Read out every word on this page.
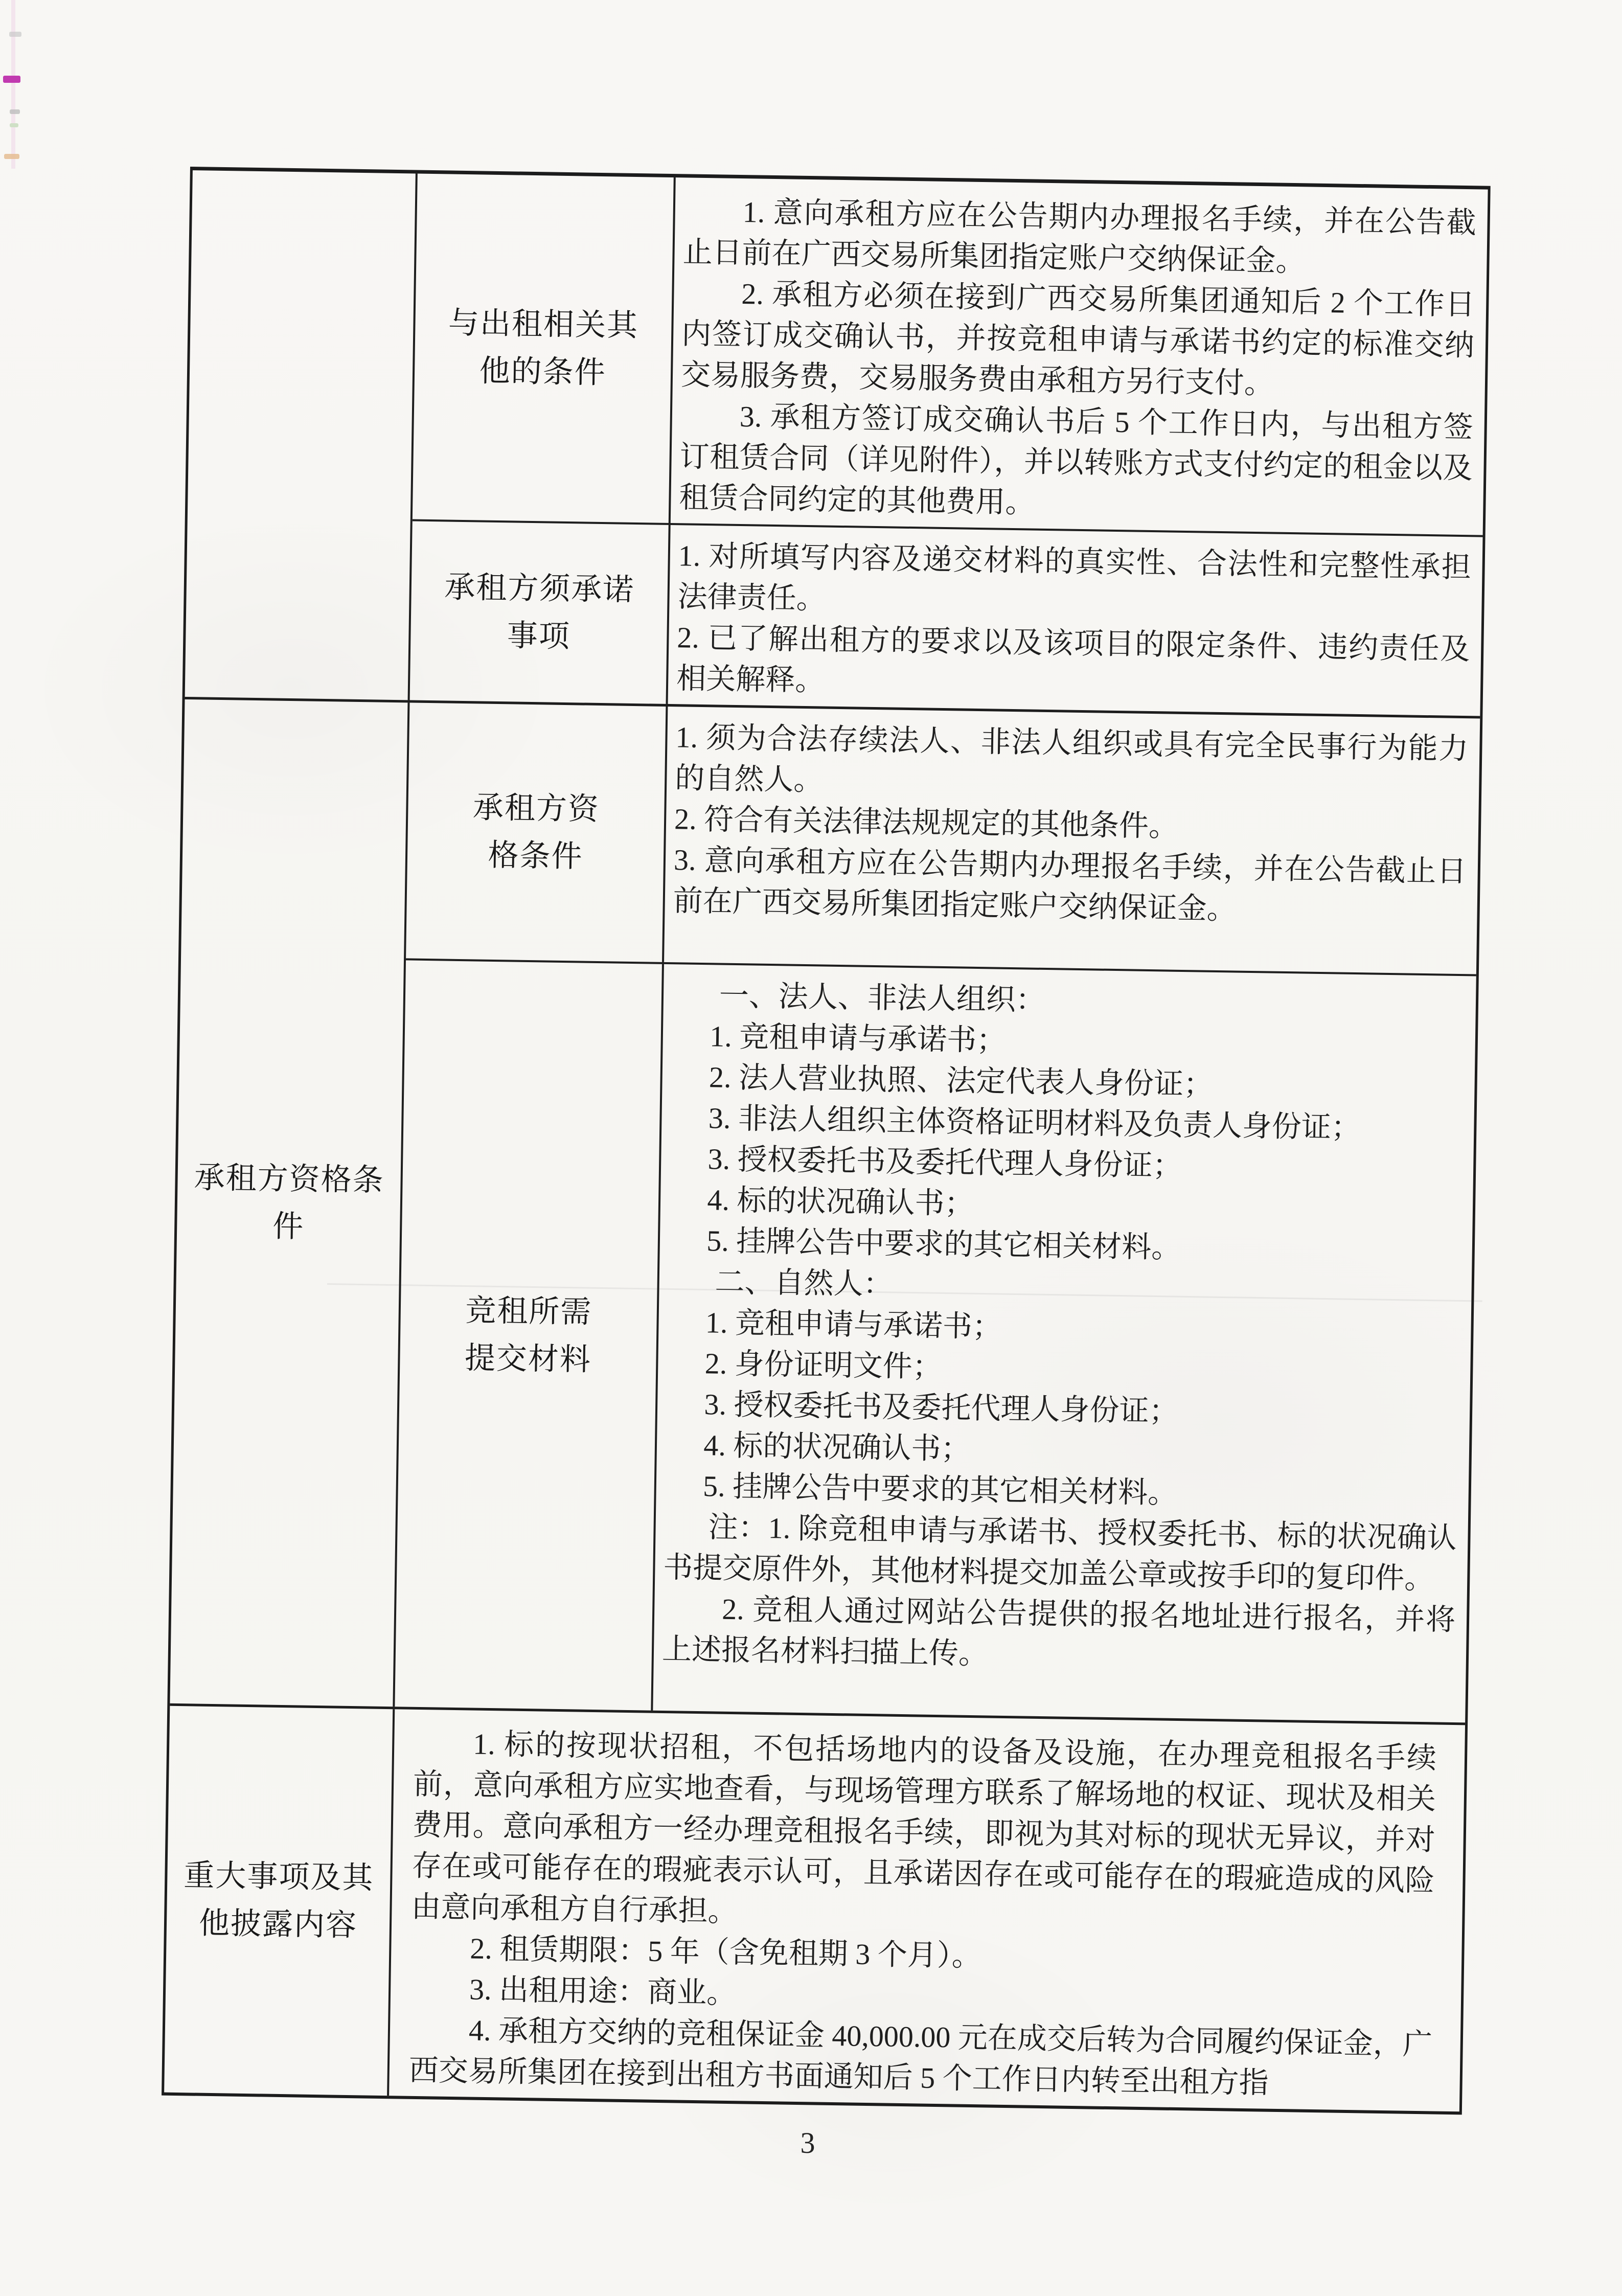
与出租相关其
他的条件

1. 意向承租方应在公告期内办理报名手续，并在公告截止日前在广西交易所集团指定账户交纳保证金。

2. 承租方必须在接到广西交易所集团通知后 2 个工作日内签订成交确认书，并按竞租申请与承诺书约定的标准交纳交易服务费，交易服务费由承租方另行支付。

3. 承租方签订成交确认书后 5 个工作日内，与出租方签订租赁合同（详见附件），并以转账方式支付约定的租金以及租赁合同约定的其他费用。

承租方须承诺
事项

1. 对所填写内容及递交材料的真实性、合法性和完整性承担法律责任。

2. 已了解出租方的要求以及该项目的限定条件、违约责任及相关解释。

承租方资格条
件
承租方资
格条件

1. 须为合法存续法人、非法人组织或具有完全民事行为能力的自然人。

2. 符合有关法律法规规定的其他条件。

3. 意向承租方应在公告期内办理报名手续，并在公告截止日前在广西交易所集团指定账户交纳保证金。

竞租所需
提交材料

一、法人、非法人组织：

1. 竞租申请与承诺书；

2. 法人营业执照、法定代表人身份证；

3. 非法人组织主体资格证明材料及负责人身份证；

3. 授权委托书及委托代理人身份证；

4. 标的状况确认书；

5. 挂牌公告中要求的其它相关材料。

二、自然人：

1. 竞租申请与承诺书；

2. 身份证明文件；

3. 授权委托书及委托代理人身份证；

4. 标的状况确认书；

5. 挂牌公告中要求的其它相关材料。

注：1. 除竞租申请与承诺书、授权委托书、标的状况确认书提交原件外，其他材料提交加盖公章或按手印的复印件。

2. 竞租人通过网站公告提供的报名地址进行报名，并将上述报名材料扫描上传。

重大事项及其
他披露内容

1. 标的按现状招租，不包括场地内的设备及设施，在办理竞租报名手续前，意向承租方应实地查看，与现场管理方联系了解场地的权证、现状及相关费用。意向承租方一经办理竞租报名手续，即视为其对标的现状无异议，并对存在或可能存在的瑕疵表示认可，且承诺因存在或可能存在的瑕疵造成的风险由意向承租方自行承担。

2. 租赁期限：5 年（含免租期 3 个月）。

3. 出租用途：商业。

4. 承租方交纳的竞租保证金 40,000.00 元在成交后转为合同履约保证金，广西交易所集团在接到出租方书面通知后 5 个工作日内转至出租方指

3
